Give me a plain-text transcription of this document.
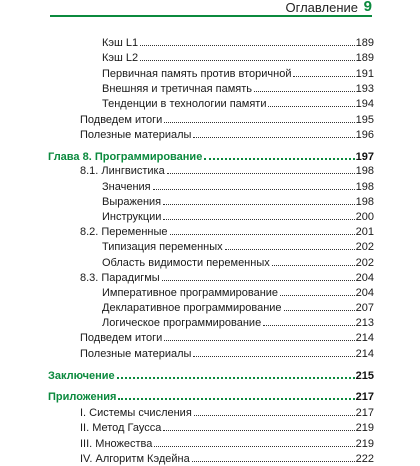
Оглавление 9
Кэш L1	189
Кэш L2	189
Первичная память против вторичной	191
Внешняя и третичная память	193
Тенденции в технологии памяти	194
Подведем итоги	195
Полезные материалы	196
Глава 8. Программирование	197
8.1. Лингвистика	198
Значения	198
Выражения	198
Инструкции	200
8.2. Переменные	201
Типизация переменных	202
Область видимости переменных	202
8.3. Парадигмы	204
Императивное программирование	204
Декларативное программирование	207
Логическое программирование	213
Подведем итоги	214
Полезные материалы	214
Заключение	215
Приложения	217
I. Системы счисления	217
II. Метод Гаусса	219
III. Множества	219
IV. Алгоритм Кэдейна	222
